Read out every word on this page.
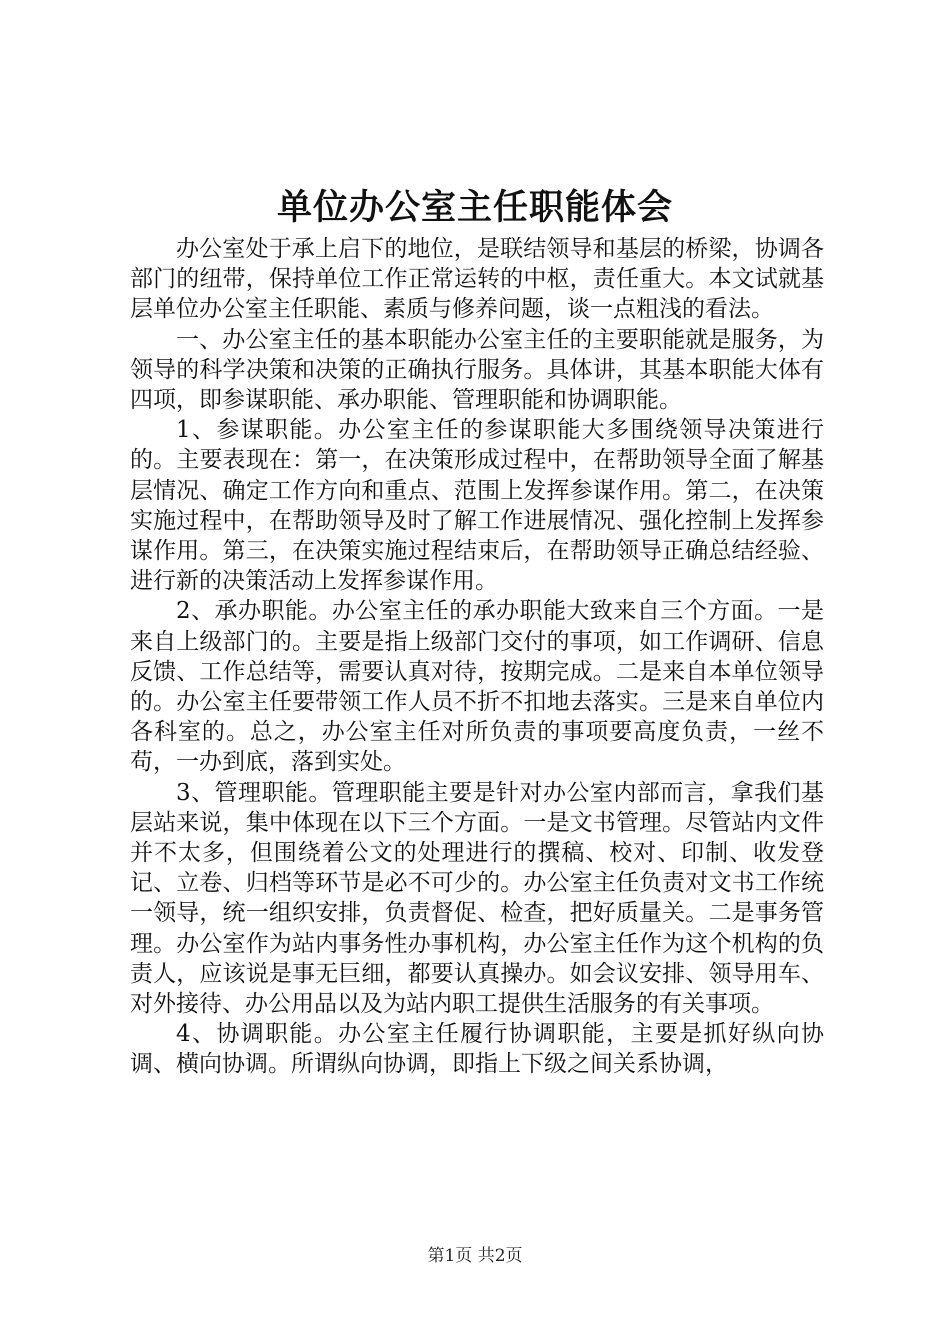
单位办公室主任职能体会

办公室处于承上启下的地位，是联结领导和基层的桥梁，协调各部门的纽带，保持单位工作正常运转的中枢，责任重大。本文试就基层单位办公室主任职能、素质与修养问题，谈一点粗浅的看法。

一、办公室主任的基本职能办公室主任的主要职能就是服务，为领导的科学决策和决策的正确执行服务。具体讲，其基本职能大体有四项，即参谋职能、承办职能、管理职能和协调职能。

1、参谋职能。办公室主任的参谋职能大多围绕领导决策进行的。主要表现在：第一，在决策形成过程中，在帮助领导全面了解基层情况、确定工作方向和重点、范围上发挥参谋作用。第二，在决策实施过程中，在帮助领导及时了解工作进展情况、强化控制上发挥参谋作用。第三，在决策实施过程结束后，在帮助领导正确总结经验、进行新的决策活动上发挥参谋作用。

2、承办职能。办公室主任的承办职能大致来自三个方面。一是来自上级部门的。主要是指上级部门交付的事项，如工作调研、信息反馈、工作总结等，需要认真对待，按期完成。二是来自本单位领导的。办公室主任要带领工作人员不折不扣地去落实。三是来自单位内各科室的。总之，办公室主任对所负责的事项要高度负责，一丝不苟，一办到底，落到实处。

3、管理职能。管理职能主要是针对办公室内部而言，拿我们基层站来说，集中体现在以下三个方面。一是文书管理。尽管站内文件并不太多，但围绕着公文的处理进行的撰稿、校对、印制、收发登记、立卷、归档等环节是必不可少的。办公室主任负责对文书工作统一领导，统一组织安排，负责督促、检查，把好质量关。二是事务管理。办公室作为站内事务性办事机构，办公室主任作为这个机构的负责人，应该说是事无巨细，都要认真操办。如会议安排、领导用车、对外接待、办公用品以及为站内职工提供生活服务的有关事项。

4、协调职能。办公室主任履行协调职能，主要是抓好纵向协调、横向协调。所谓纵向协调，即指上下级之间关系协调，

第1页 共2页
